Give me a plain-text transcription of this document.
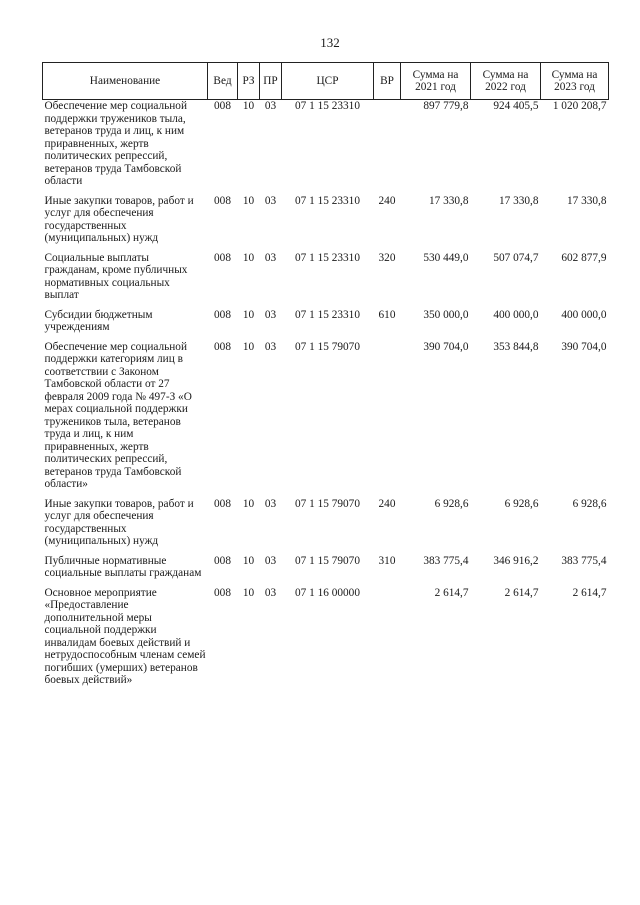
132
Наименование	Вед	РЗ	ПР	ЦСР	ВР	Сумма на 2021 год	Сумма на 2022 год	Сумма на 2023 год
Обеспечение мер социальной поддержки тружеников тыла, ветеранов труда и лиц, к ним приравненных, жертв политических репрессий, ветеранов труда Тамбовской области	008	10	03	07 1 15 23310		897 779,8	924 405,5	1 020 208,7
Иные закупки товаров, работ и услуг для обеспечения государственных (муниципальных) нужд	008	10	03	07 1 15 23310	240	17 330,8	17 330,8	17 330,8
Социальные выплаты гражданам, кроме публичных нормативных социальных выплат	008	10	03	07 1 15 23310	320	530 449,0	507 074,7	602 877,9
Субсидии бюджетным учреждениям	008	10	03	07 1 15 23310	610	350 000,0	400 000,0	400 000,0
Обеспечение мер социальной поддержки категориям лиц в соответствии с Законом Тамбовской области от 27 февраля 2009 года № 497-З «О мерах социальной поддержки тружеников тыла, ветеранов труда и лиц, к ним приравненных, жертв политических репрессий, ветеранов труда Тамбовской области»	008	10	03	07 1 15 79070		390 704,0	353 844,8	390 704,0
Иные закупки товаров, работ и услуг для обеспечения государственных (муниципальных) нужд	008	10	03	07 1 15 79070	240	6 928,6	6 928,6	6 928,6
Публичные нормативные социальные выплаты гражданам	008	10	03	07 1 15 79070	310	383 775,4	346 916,2	383 775,4
Основное мероприятие «Предоставление дополнительной меры социальной поддержки инвалидам боевых действий и нетрудоспособным членам семей погибших (умерших) ветеранов боевых действий»	008	10	03	07 1 16 00000		2 614,7	2 614,7	2 614,7
